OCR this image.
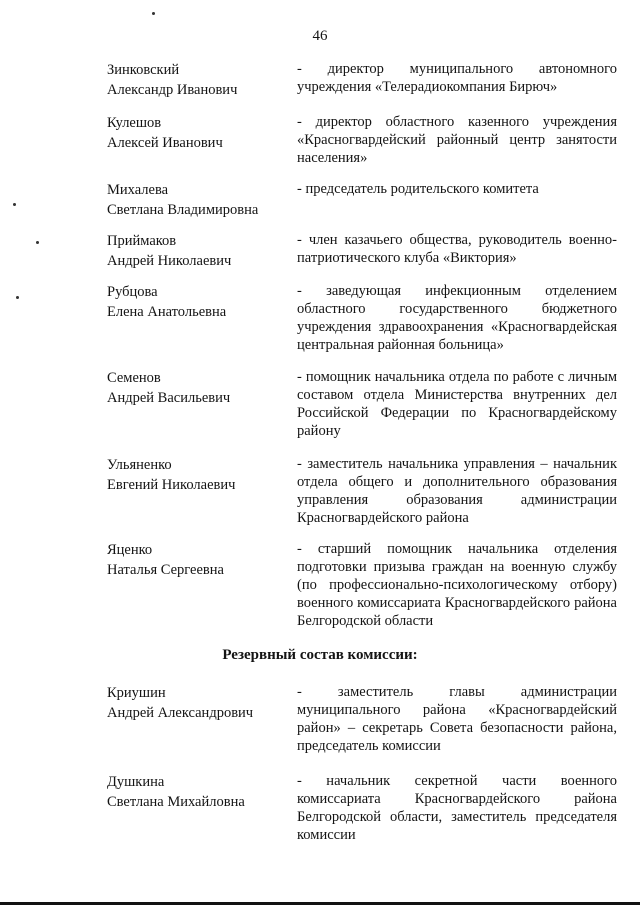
46
Зинковский
Александр Иванович
- директор муниципального автономного учреждения «Телерадиокомпания Бирюч»
Кулешов
Алексей Иванович
- директор областного казенного учреждения «Красногвардейский районный центр занятости населения»
Михалева
Светлана Владимировна
- председатель родительского комитета
Приймаков
Андрей Николаевич
- член казачьего общества, руководитель военно-патриотического клуба «Виктория»
Рубцова
Елена Анатольевна
- заведующая инфекционным отделением областного государственного бюджетного учреждения здравоохранения «Красногвардейская центральная районная больница»
Семенов
Андрей Васильевич
- помощник начальника отдела по работе с личным составом отдела Министерства внутренних дел Российской Федерации по Красногвардейскому району
Ульяненко
Евгений Николаевич
- заместитель начальника управления – начальник отдела общего и дополнительного образования управления образования администрации Красногвардейского района
Яценко
Наталья Сергеевна
- старший помощник начальника отделения подготовки призыва граждан на военную службу (по профессионально-психологическому отбору) военного комиссариата Красногвардейского района Белгородской области
Резервный состав комиссии:
Криушин
Андрей Александрович
- заместитель главы администрации муниципального района «Красногвардейский район» – секретарь Совета безопасности района, председатель комиссии
Душкина
Светлана Михайловна
- начальник секретной части военного комиссариата Красногвардейского района Белгородской области, заместитель председателя комиссии
